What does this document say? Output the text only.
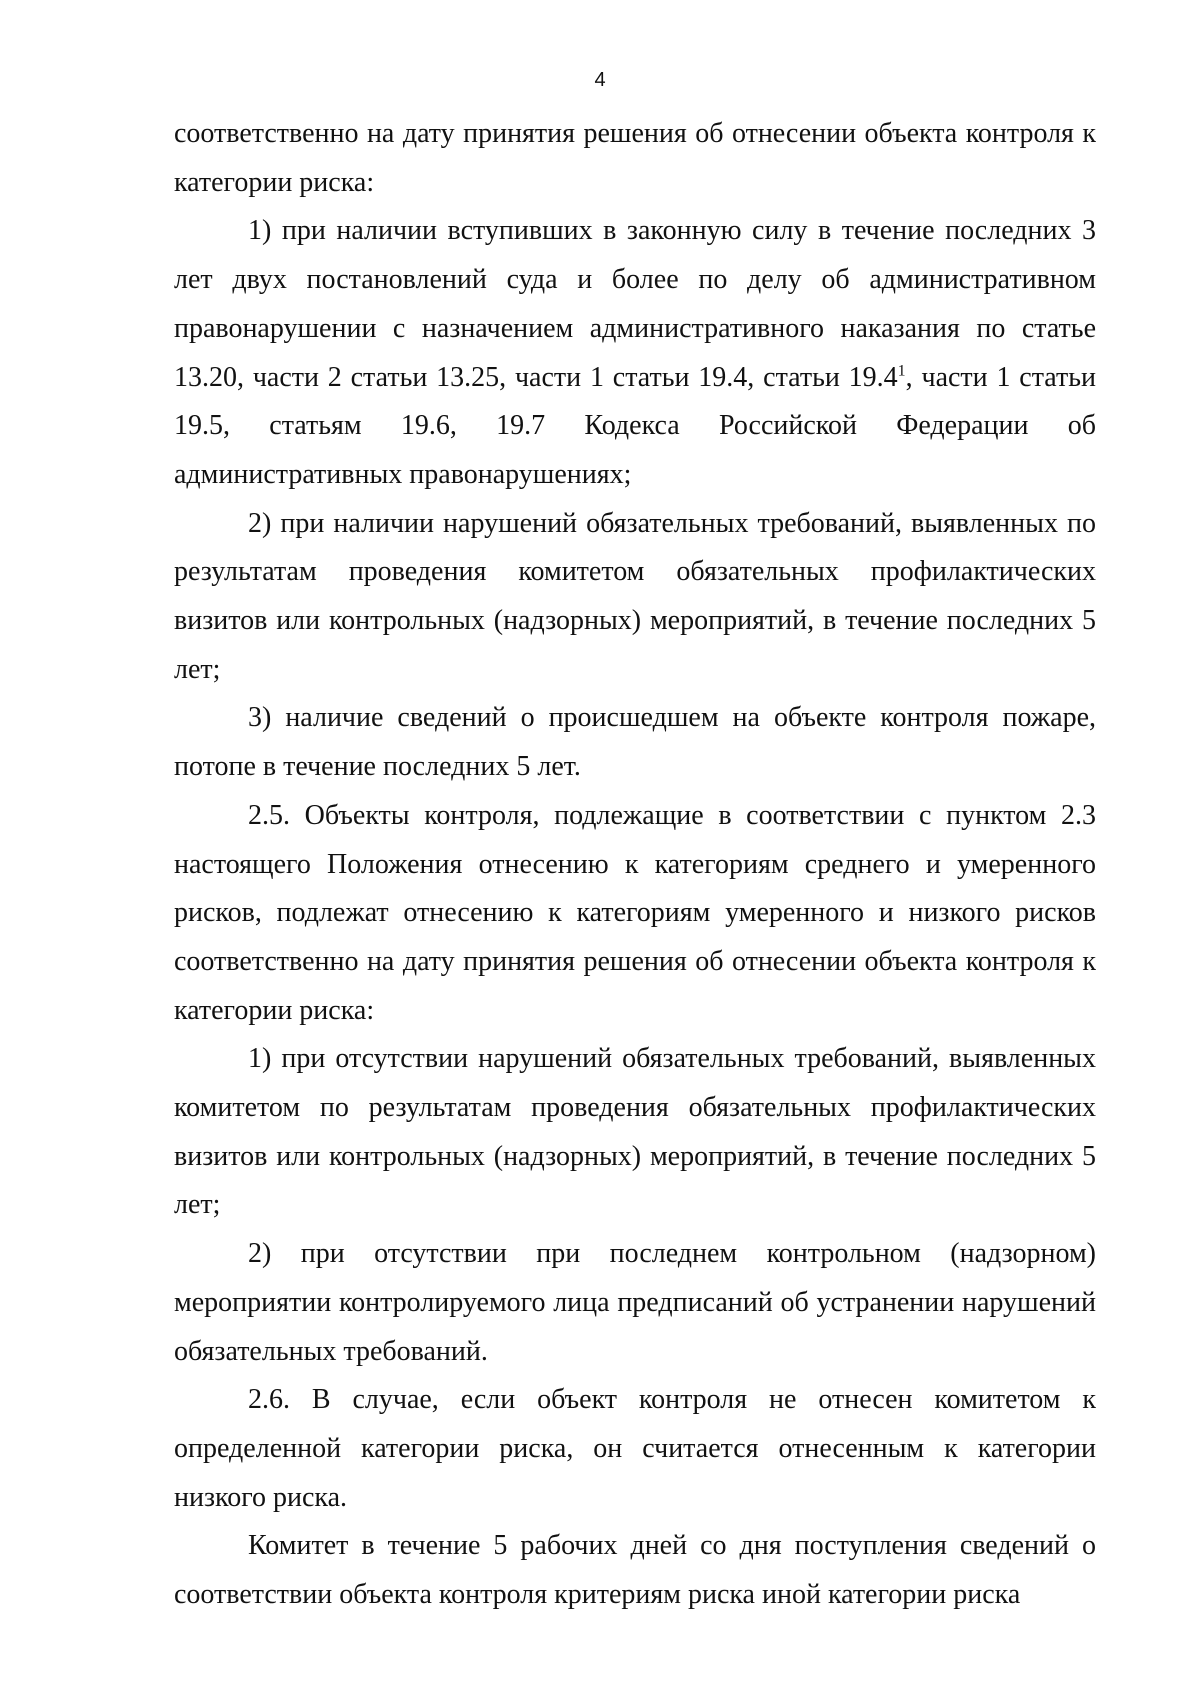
4

соответственно на дату принятия решения об отнесении объекта контроля к категории риска:

1) при наличии вступивших в законную силу в течение последних 3 лет двух постановлений суда и более по делу об административном правонарушении с назначением административного наказания по статье 13.20, части 2 статьи 13.25, части 1 статьи 19.4, статьи 19.4$^1$, части 1 статьи 19.5, статьям 19.6, 19.7 Кодекса Российской Федерации об административных правонарушениях;

2) при наличии нарушений обязательных требований, выявленных по результатам проведения комитетом обязательных профилактических визитов или контрольных (надзорных) мероприятий, в течение последних 5 лет;

3) наличие сведений о происшедшем на объекте контроля пожаре, потопе в течение последних 5 лет.

2.5. Объекты контроля, подлежащие в соответствии с пунктом 2.3 настоящего Положения отнесению к категориям среднего и умеренного рисков, подлежат отнесению к категориям умеренного и низкого рисков соответственно на дату принятия решения об отнесении объекта контроля к категории риска:

1) при отсутствии нарушений обязательных требований, выявленных комитетом по результатам проведения обязательных профилактических визитов или контрольных (надзорных) мероприятий, в течение последних 5 лет;

2) при отсутствии при последнем контрольном (надзорном) мероприятии контролируемого лица предписаний об устранении нарушений обязательных требований.

2.6. В случае, если объект контроля не отнесен комитетом к определенной категории риска, он считается отнесенным к категории низкого риска.

Комитет в течение 5 рабочих дней со дня поступления сведений о соответствии объекта контроля критериям риска иной категории риска
